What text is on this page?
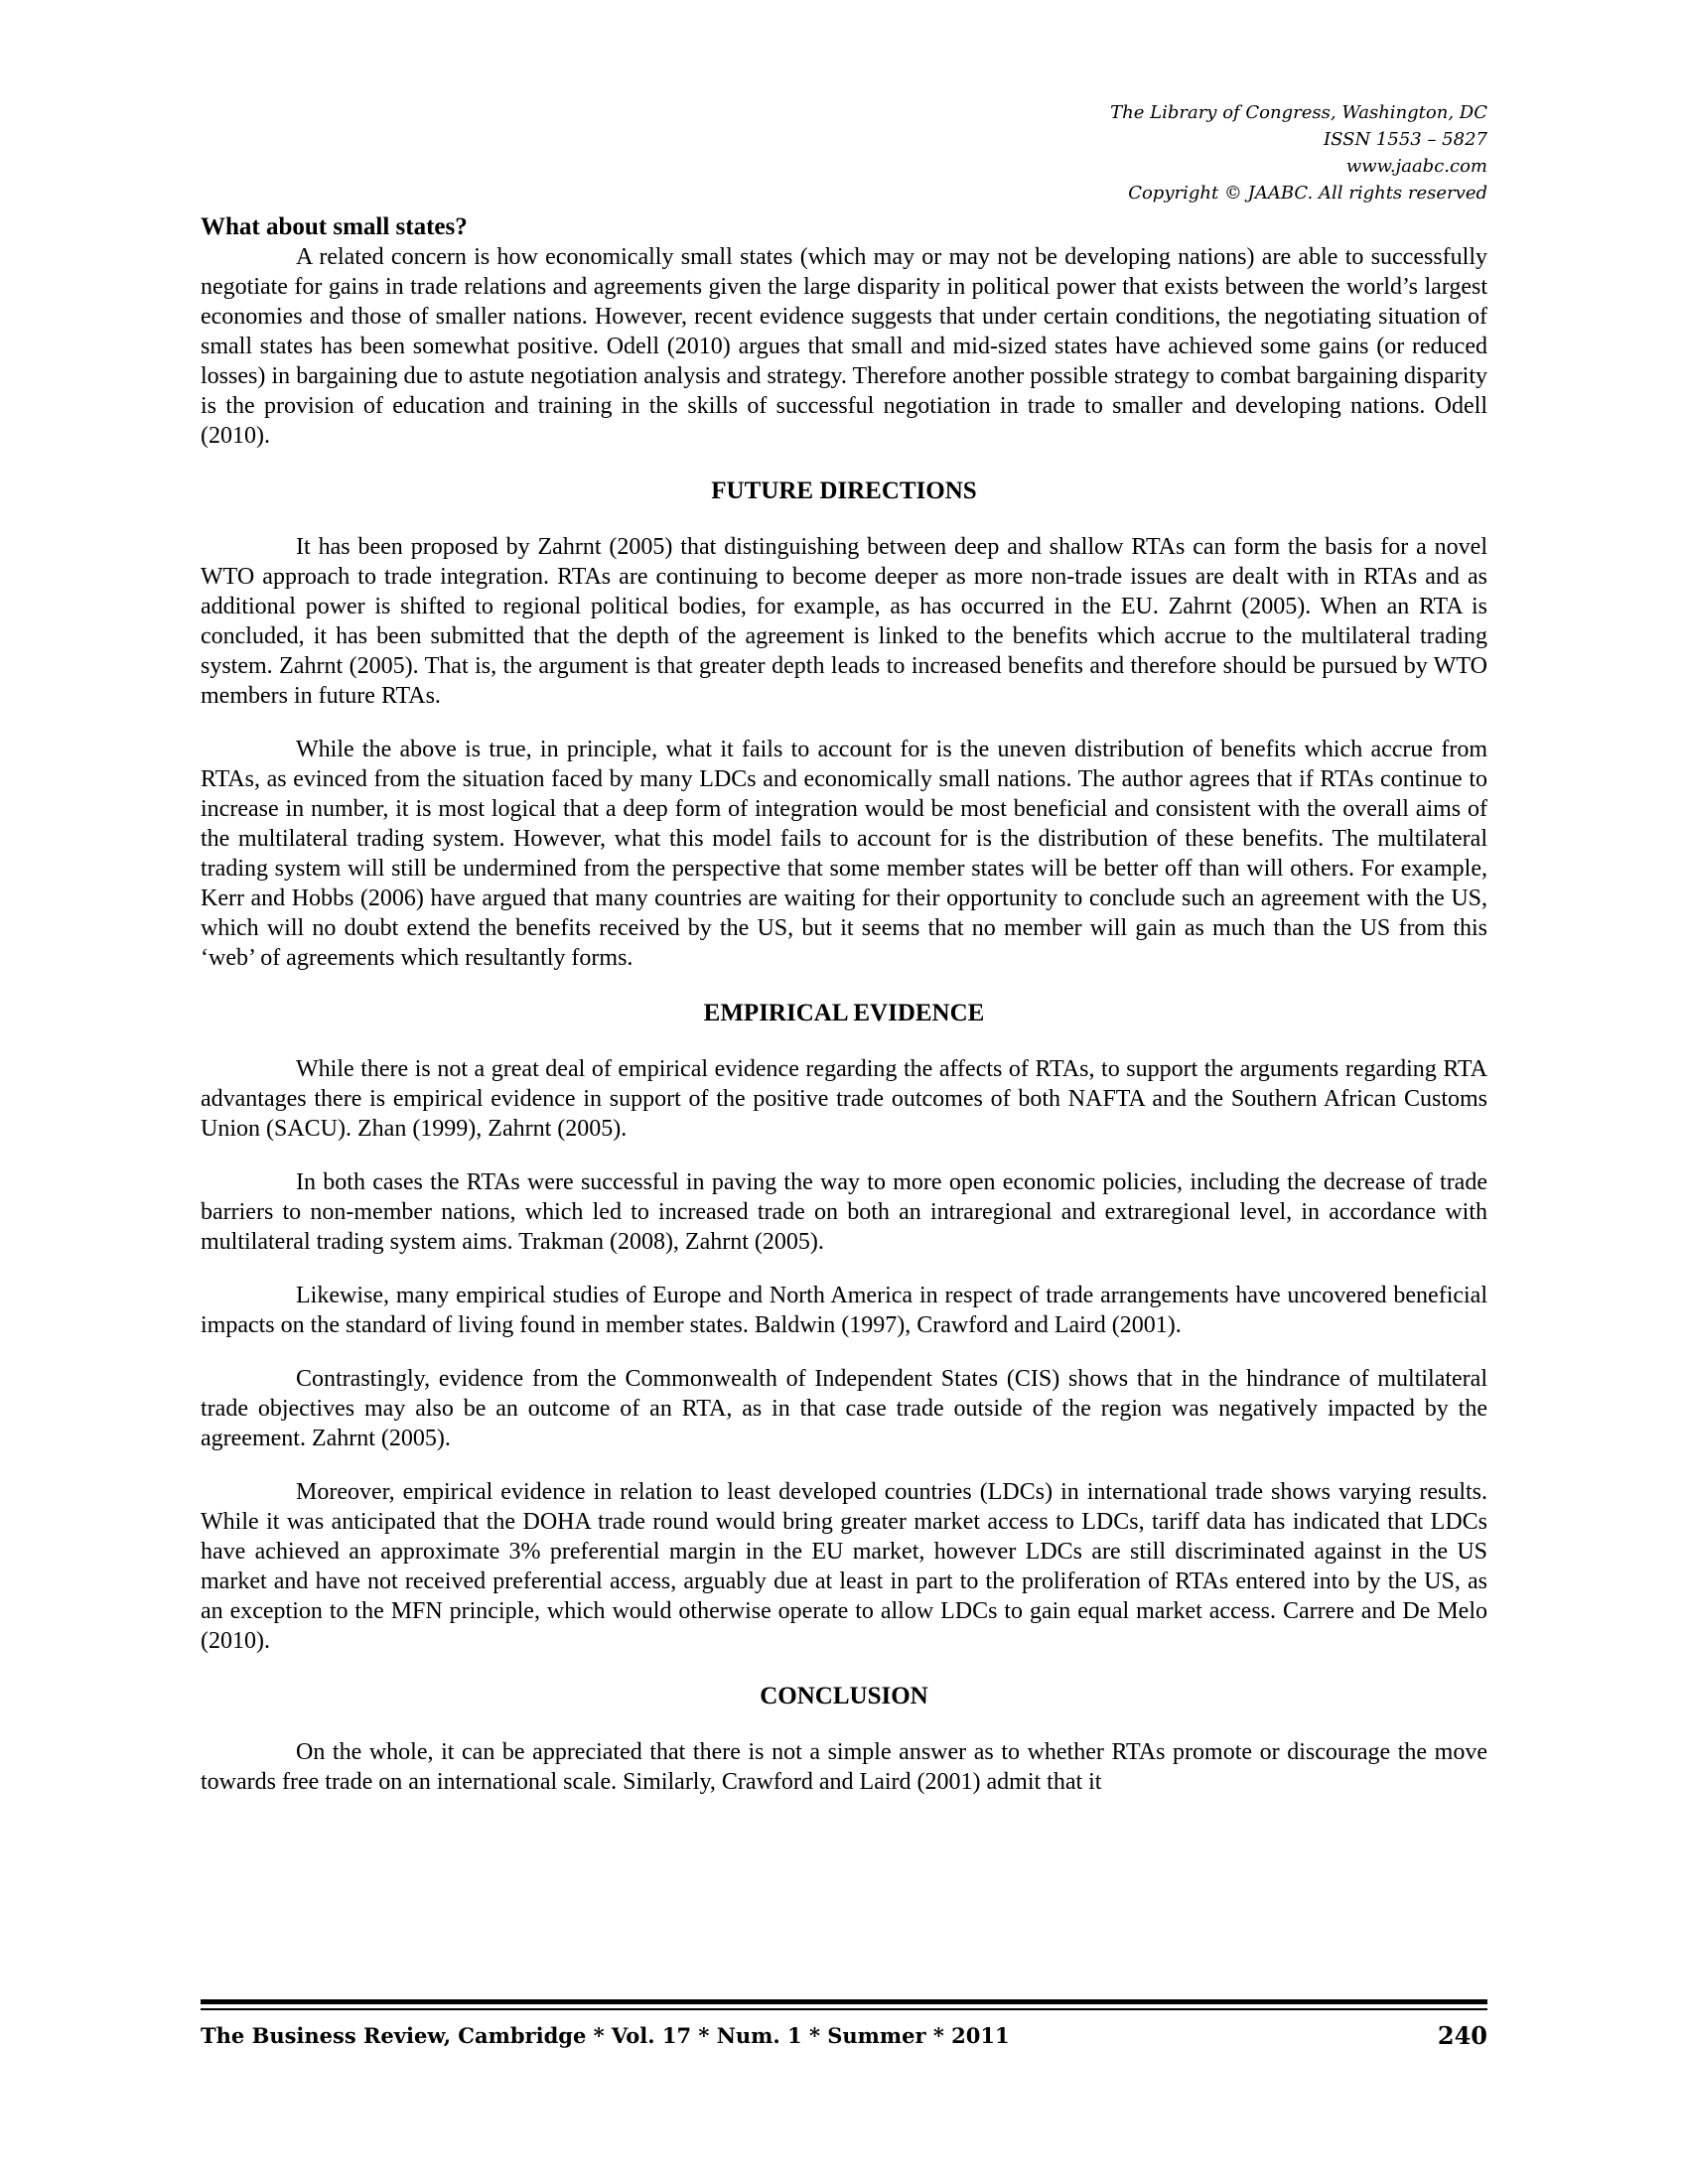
The Library of Congress, Washington, DC
ISSN 1553 – 5827
www.jaabc.com
Copyright © JAABC. All rights reserved
What about small states?

A related concern is how economically small states (which may or may not be developing nations) are able to successfully negotiate for gains in trade relations and agreements given the large disparity in political power that exists between the world’s largest economies and those of smaller nations. However, recent evidence suggests that under certain conditions, the negotiating situation of small states has been somewhat positive. Odell (2010) argues that small and mid-sized states have achieved some gains (or reduced losses) in bargaining due to astute negotiation analysis and strategy. Therefore another possible strategy to combat bargaining disparity is the provision of education and training in the skills of successful negotiation in trade to smaller and developing nations. Odell (2010).

FUTURE DIRECTIONS

It has been proposed by Zahrnt (2005) that distinguishing between deep and shallow RTAs can form the basis for a novel WTO approach to trade integration. RTAs are continuing to become deeper as more non-trade issues are dealt with in RTAs and as additional power is shifted to regional political bodies, for example, as has occurred in the EU. Zahrnt (2005). When an RTA is concluded, it has been submitted that the depth of the agreement is linked to the benefits which accrue to the multilateral trading system. Zahrnt (2005). That is, the argument is that greater depth leads to increased benefits and therefore should be pursued by WTO members in future RTAs.

While the above is true, in principle, what it fails to account for is the uneven distribution of benefits which accrue from RTAs, as evinced from the situation faced by many LDCs and economically small nations. The author agrees that if RTAs continue to increase in number, it is most logical that a deep form of integration would be most beneficial and consistent with the overall aims of the multilateral trading system. However, what this model fails to account for is the distribution of these benefits. The multilateral trading system will still be undermined from the perspective that some member states will be better off than will others. For example, Kerr and Hobbs (2006) have argued that many countries are waiting for their opportunity to conclude such an agreement with the US, which will no doubt extend the benefits received by the US, but it seems that no member will gain as much than the US from this ‘web’ of agreements which resultantly forms.

EMPIRICAL EVIDENCE

While there is not a great deal of empirical evidence regarding the affects of RTAs, to support the arguments regarding RTA advantages there is empirical evidence in support of the positive trade outcomes of both NAFTA and the Southern African Customs Union (SACU). Zhan (1999), Zahrnt (2005).

In both cases the RTAs were successful in paving the way to more open economic policies, including the decrease of trade barriers to non-member nations, which led to increased trade on both an intraregional and extraregional level, in accordance with multilateral trading system aims. Trakman (2008), Zahrnt (2005).

Likewise, many empirical studies of Europe and North America in respect of trade arrangements have uncovered beneficial impacts on the standard of living found in member states. Baldwin (1997), Crawford and Laird (2001).

Contrastingly, evidence from the Commonwealth of Independent States (CIS) shows that in the hindrance of multilateral trade objectives may also be an outcome of an RTA, as in that case trade outside of the region was negatively impacted by the agreement. Zahrnt (2005).

Moreover, empirical evidence in relation to least developed countries (LDCs) in international trade shows varying results. While it was anticipated that the DOHA trade round would bring greater market access to LDCs, tariff data has indicated that LDCs have achieved an approximate 3% preferential margin in the EU market, however LDCs are still discriminated against in the US market and have not received preferential access, arguably due at least in part to the proliferation of RTAs entered into by the US, as an exception to the MFN principle, which would otherwise operate to allow LDCs to gain equal market access. Carrere and De Melo (2010).

CONCLUSION

On the whole, it can be appreciated that there is not a simple answer as to whether RTAs promote or discourage the move towards free trade on an international scale. Similarly, Crawford and Laird (2001) admit that it

The Business Review, Cambridge * Vol. 17 * Num. 1 * Summer * 2011	240
